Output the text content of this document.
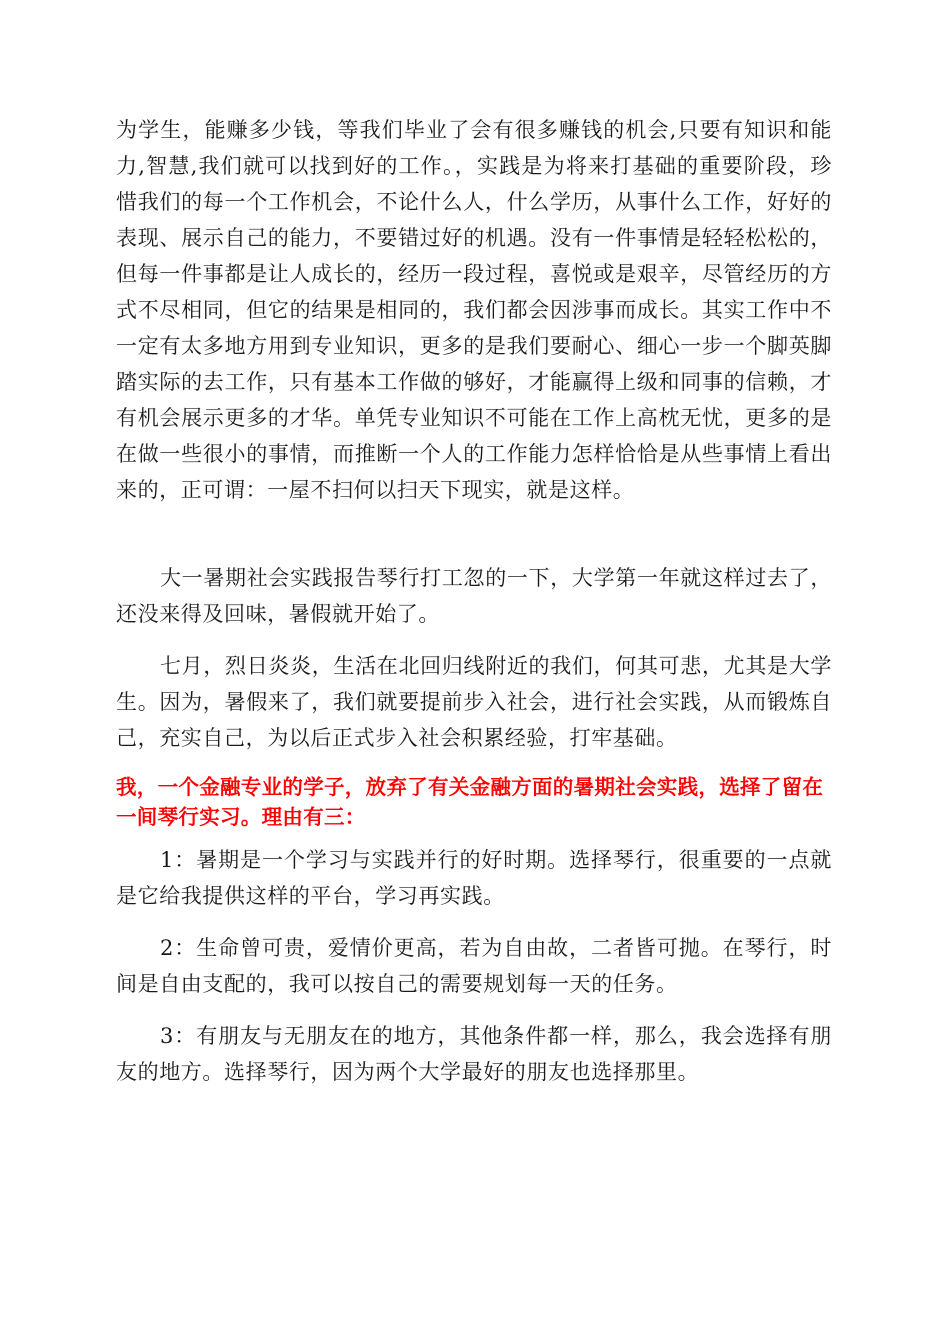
为学生，能赚多少钱，等我们毕业了会有很多赚钱的机会,只要有知识和能力,智慧,我们就可以找到好的工作。，实践是为将来打基础的重要阶段，珍惜我们的每一个工作机会，不论什么人，什么学历，从事什么工作，好好的表现、展示自己的能力，不要错过好的机遇。没有一件事情是轻轻松松的，但每一件事都是让人成长的，经历一段过程，喜悦或是艰辛，尽管经历的方式不尽相同，但它的结果是相同的，我们都会因涉事而成长。其实工作中不一定有太多地方用到专业知识，更多的是我们要耐心、细心一步一个脚英脚踏实际的去工作，只有基本工作做的够好，才能赢得上级和同事的信赖，才有机会展示更多的才华。单凭专业知识不可能在工作上高枕无忧，更多的是在做一些很小的事情，而推断一个人的工作能力怎样恰恰是从些事情上看出来的，正可谓：一屋不扫何以扫天下现实，就是这样。

大一暑期社会实践报告琴行打工忽的一下，大学第一年就这样过去了，还没来得及回味，暑假就开始了。

七月，烈日炎炎，生活在北回归线附近的我们，何其可悲，尤其是大学生。因为，暑假来了，我们就要提前步入社会，进行社会实践，从而锻炼自己，充实自己，为以后正式步入社会积累经验，打牢基础。

我，一个金融专业的学子，放弃了有关金融方面的暑期社会实践，选择了留在一间琴行实习。理由有三：

1：暑期是一个学习与实践并行的好时期。选择琴行，很重要的一点就是它给我提供这样的平台，学习再实践。

2：生命曾可贵，爱情价更高，若为自由故，二者皆可抛。在琴行，时间是自由支配的，我可以按自己的需要规划每一天的任务。

3：有朋友与无朋友在的地方，其他条件都一样，那么，我会选择有朋友的地方。选择琴行，因为两个大学最好的朋友也选择那里。
